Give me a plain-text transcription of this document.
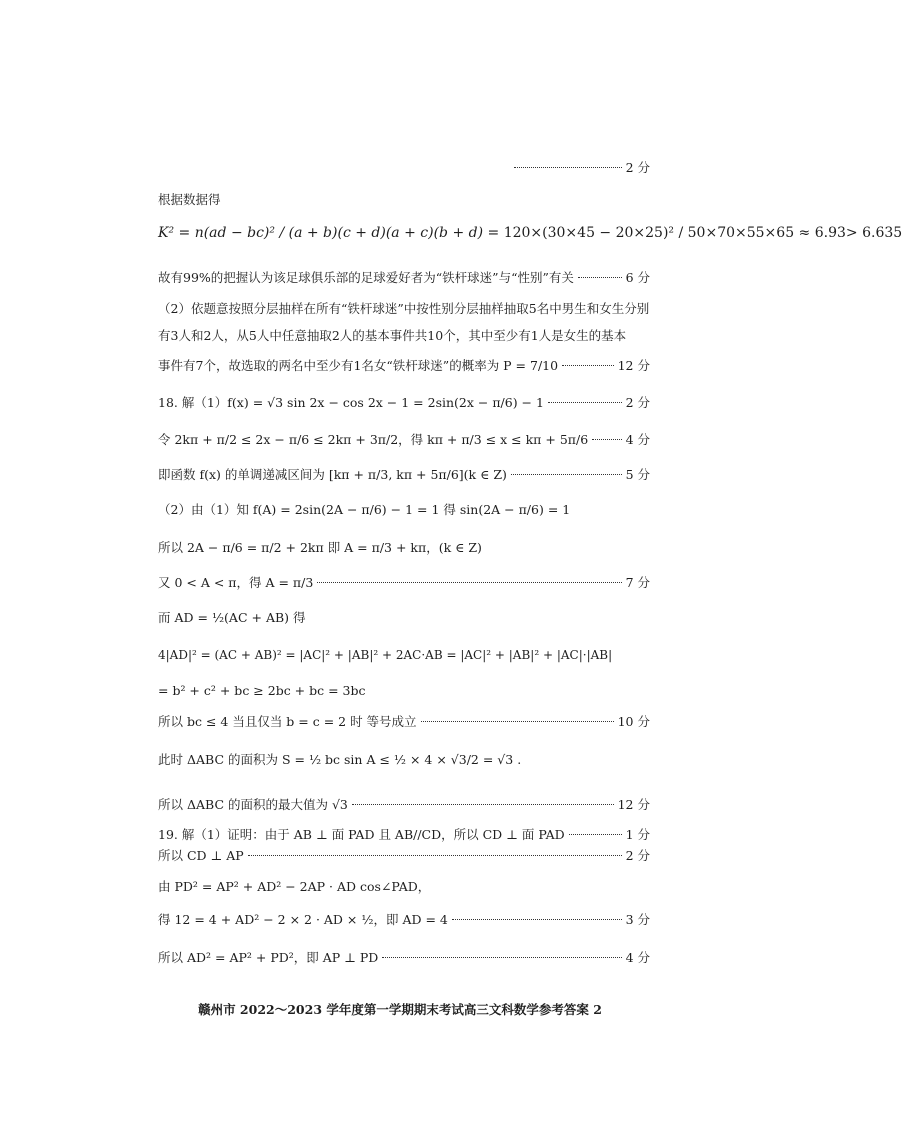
2 分
根据数据得
K² = n(ad − bc)² / (a + b)(c + d)(a + c)(b + d) = 120×(30×45 − 20×25)² / 50×70×55×65 ≈ 6.93> 6.635
故有99%的把握认为该足球俱乐部的足球爱好者为“铁杆球迷”与“性别”有关	6 分
（2）依题意按照分层抽样在所有“铁杆球迷”中按性别分层抽样抽取5名中男生和女生分别
有3人和2人，从5人中任意抽取2人的基本事件共10个，其中至少有1人是女生的基本
事件有7个，故选取的两名中至少有1名女“铁杆球迷”的概率为 P = 7/10	12 分
18. 解（1）f(x) = √3 sin 2x − cos 2x − 1 = 2sin(2x − π/6) − 1	2 分
令 2kπ + π/2 ≤ 2x − π/6 ≤ 2kπ + 3π/2，得 kπ + π/3 ≤ x ≤ kπ + 5π/6	4 分
即函数 f(x) 的单调递减区间为 [kπ + π/3, kπ + 5π/6](k ∈ Z)	5 分
（2）由（1）知 f(A) = 2sin(2A − π/6) − 1 = 1 得 sin(2A − π/6) = 1
所以 2A − π/6 = π/2 + 2kπ 即 A = π/3 + kπ，(k ∈ Z)
又 0 < A < π，得 A = π/3	7 分
而 AD = ½(AC + AB) 得
4|AD|² = (AC + AB)² = |AC|² + |AB|² + 2AC·AB = |AC|² + |AB|² + |AC|·|AB|
= b² + c² + bc ≥ 2bc + bc = 3bc
所以 bc ≤ 4 当且仅当 b = c = 2 时 等号成立	10 分
此时 ΔABC 的面积为 S = ½ bc sin A ≤ ½ × 4 × √3/2 = √3 .
所以 ΔABC 的面积的最大值为 √3	12 分
19. 解（1）证明：由于 AB ⊥ 面 PAD 且 AB//CD，所以 CD ⊥ 面 PAD	1 分
所以 CD ⊥ AP	2 分
由 PD² = AP² + AD² − 2AP · AD cos∠PAD，
得 12 = 4 + AD² − 2 × 2 · AD × ½，即 AD = 4	3 分
所以 AD² = AP² + PD²，即 AP ⊥ PD	4 分
赣州市 2022～2023 学年度第一学期期末考试高三文科数学参考答案 2
